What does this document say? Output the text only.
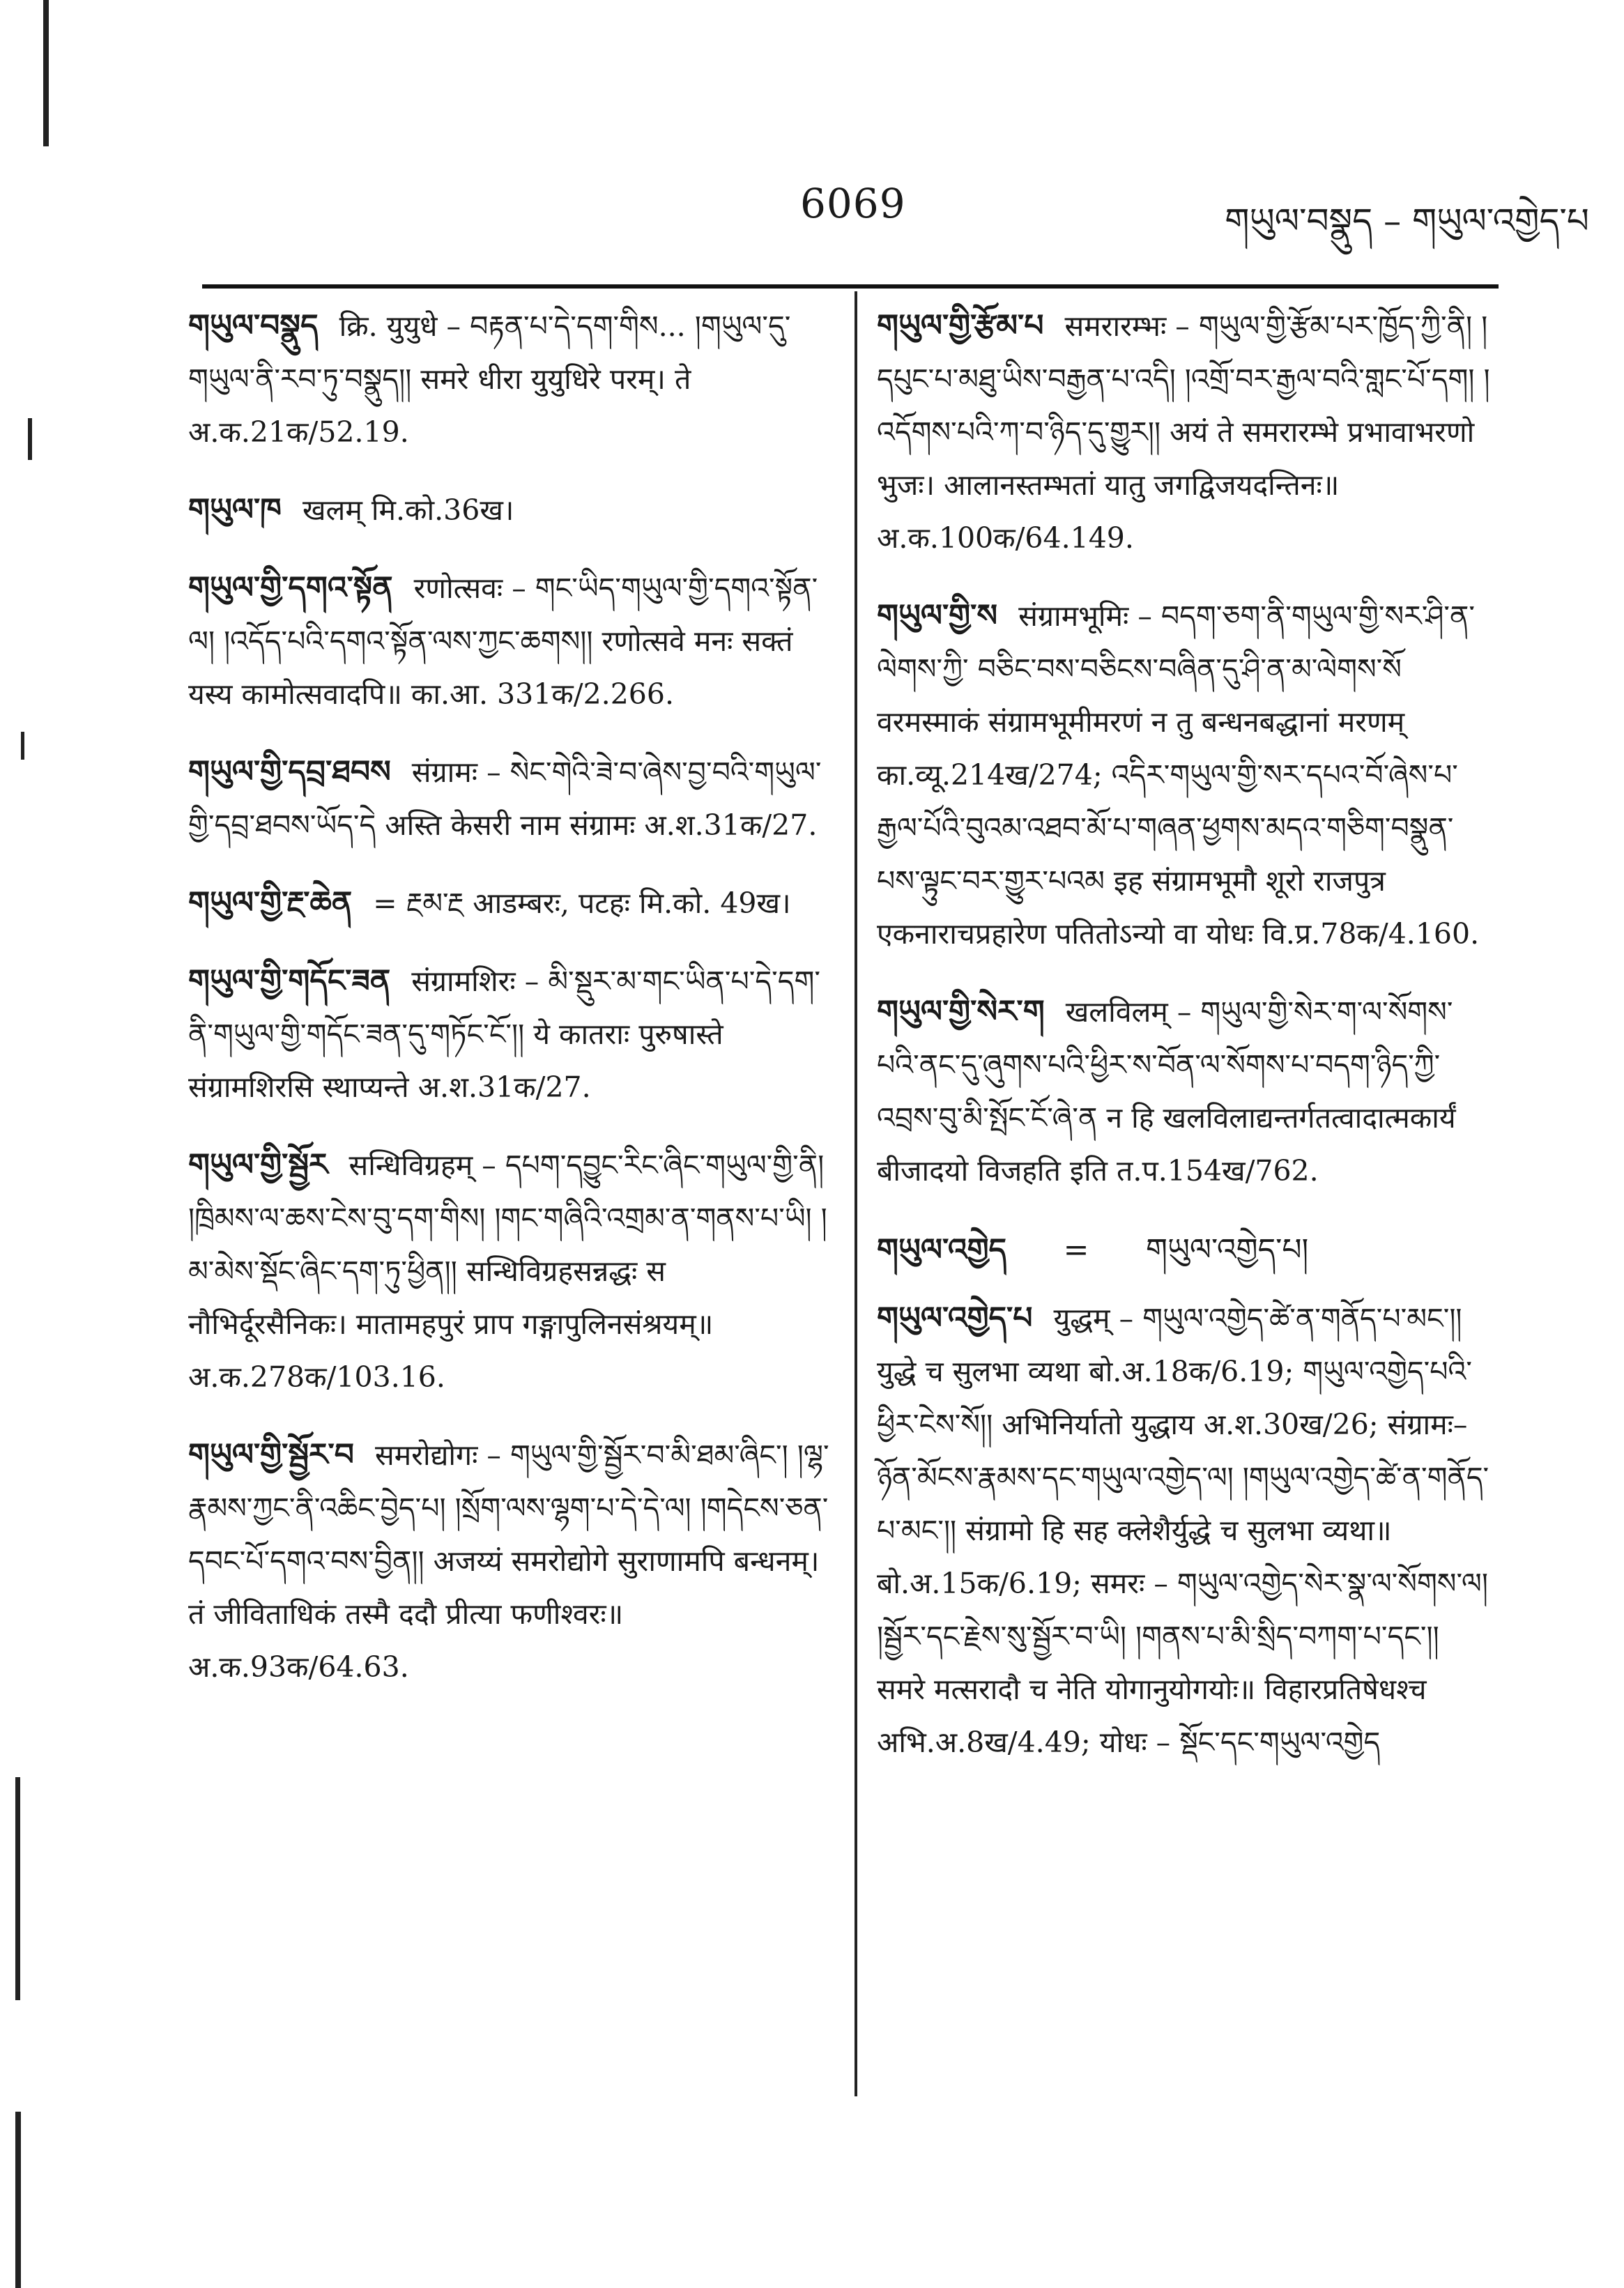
6069	གཡུལ་བསྣུད – གཡུལ་འགྱེད་པ
གཡུལ་བསྣུད क्रि. युयुधे – བརྟན་པ་དེ་དག་གིས... །གཡུལ་དུ་གཡུལ་ནི་རབ་ཏུ་བསྣུད།། समरे धीरा युयुधिरे परम्। ते अ.क.21क/52.19.
གཡུལ་ཁ खलम् मि.को.36ख।
གཡུལ་གྱི་དགའ་སྟོན रणोत्सवः – གང་ཡིད་གཡུལ་གྱི་དགའ་སྟོན་ལ། །འདོད་པའི་དགའ་སྟོན་ལས་ཀྱང་ཆགས།། रणोत्सवे मनः सक्तं यस्य कामोत्सवादपि॥ का.आ. 331क/2.266.
གཡུལ་གྱི་དབྲ་ཐབས संग्रामः – སེང་གེའི་ཟེ་བ་ཞེས་བྱ་བའི་གཡུལ་གྱི་དབྲ་ཐབས་ཡོད་དེ अस्ति केसरी नाम संग्रामः अ.श.31क/27.
གཡུལ་གྱི་རྔ་ཆེན = རྔམ་རྔ आडम्बरः, पटहः मि.को. 49ख।
གཡུལ་གྱི་གདོང་ཟན संग्रामशिरः – མི་སྡུར་མ་གང་ཡིན་པ་དེ་དག་ནི་གཡུལ་གྱི་གདོང་ཟན་དུ་གཏོང་ངོ་།། ये कातराः पुरुषास्ते संग्रामशिरसि स्थाप्यन्ते अ.श.31क/27.
གཡུལ་གྱི་སྦྱོར सन्धिविग्रहम् – དཔག་དབྱུང་རིང་ཞིང་གཡུལ་གྱི་ནི། །ཁྲིམས་ལ་ཆས་ངེས་བུ་དག་གིས། །གང་གཞིའི་འགྲམ་ན་གནས་པ་ཡི། །མ་མེས་སྡོང་ཞིང་དག་ཏུ་ཕྱིན།། सन्धिविग्रहसन्नद्धः स नौभिर्दूरसैनिकः। मातामहपुरं प्राप गङ्गापुलिनसंश्रयम्॥ अ.क.278क/103.16.
གཡུལ་གྱི་སྦྱོར་བ समरोद्योगः – གཡུལ་གྱི་སྦྱོར་བ་མི་ཐམ་ཞིང་། །ལྷ་རྣམས་ཀྱང་ནི་འཆིང་བྱེད་པ། །སྲོག་ལས་ལྷག་པ་དེ་དེ་ལ། །གདེངས་ཅན་དབང་པོ་དགའ་བས་བྱིན།། अजय्यं समरोद्योगे सुराणामपि बन्धनम्। तं जीविताधिकं तस्मै ददौ प्रीत्या फणीश्वरः॥ अ.क.93क/64.63.
གཡུལ་གྱི་རྩོམ་པ समरारम्भः – གཡུལ་གྱི་རྩོམ་པར་ཁྱོད་ཀྱི་ནི། །དཔུང་པ་མཐུ་ཡིས་བརྒྱན་པ་འདི། །འགྲོ་བར་རྒྱལ་བའི་གླང་པོ་དག། །འདོགས་པའི་ཀ་བ་ཉིད་དུ་གྱུར།། अयं ते समरारम्भे प्रभावाभरणो भुजः। आलानस्तम्भतां यातु जगद्विजयदन्तिनः॥ अ.क.100क/64.149.
གཡུལ་གྱི་ས संग्रामभूमिः – བདག་ཅག་ནི་གཡུལ་གྱི་སར་ཤི་ན་ལེགས་ཀྱི་ བཅིང་བས་བཅིངས་བཞིན་དུ་ཤི་ན་མ་ལེགས་སོ वरमस्माकं संग्रामभूमीमरणं न तु बन्धनबद्धानां मरणम् का.व्यू.214ख/274; འདིར་གཡུལ་གྱི་སར་དཔའ་བོ་ཞེས་པ་རྒྱལ་པོའི་བུའམ་འཐབ་མོ་པ་གཞན་ཕྱགས་མདའ་གཅིག་བསྣུན་པས་ལྟུང་བར་གྱུར་པའམ इह संग्रामभूमौ शूरो राजपुत्र एकनाराचप्रहारेण पतितोऽन्यो वा योधः वि.प्र.78क/4.160.
གཡུལ་གྱི་སེར་ག खलविलम् – གཡུལ་གྱི་སེར་ག་ལ་སོགས་པའི་ནང་དུ་ཞུགས་པའི་ཕྱིར་ས་བོན་ལ་སོགས་པ་བདག་ཉིད་ཀྱི་འབྲས་བུ་མི་སྤོང་ངོ་ཞེ་ན न हि खलविलाद्यन्तर्गतत्वादात्मकार्यं बीजादयो विजहति इति त.प.154ख/762.
གཡུལ་འགྱེད = གཡུལ་འགྱེད་པ།
གཡུལ་འགྱེད་པ युद्धम् – གཡུལ་འགྱེད་ཚེ་ན་གནོད་པ་མང་།། युद्धे च सुलभा व्यथा बो.अ.18क/6.19; གཡུལ་འགྱེད་པའི་ཕྱིར་ངེས་སོ།། अभिनिर्यातो युद्धाय अ.श.30ख/26; संग्रामः–ཉོན་མོངས་རྣམས་དང་གཡུལ་འགྱེད་ལ། །གཡུལ་འགྱེད་ཚེ་ན་གནོད་པ་མང་།། संग्रामो हि सह क्लेशैर्युद्धे च सुलभा व्यथा॥ बो.अ.15क/6.19; समरः – གཡུལ་འགྱེད་སེར་སྣ་ལ་སོགས་ལ། །སྦྱོར་དང་རྗེས་སུ་སྦྱོར་བ་ཡི། །གནས་པ་མི་སྲིད་བཀག་པ་དང་།། समरे मत्सरादौ च नेति योगानुयोगयोः॥ विहारप्रतिषेधश्च अभि.अ.8ख/4.49; योधः – སྡོང་དང་གཡུལ་འགྱེད
